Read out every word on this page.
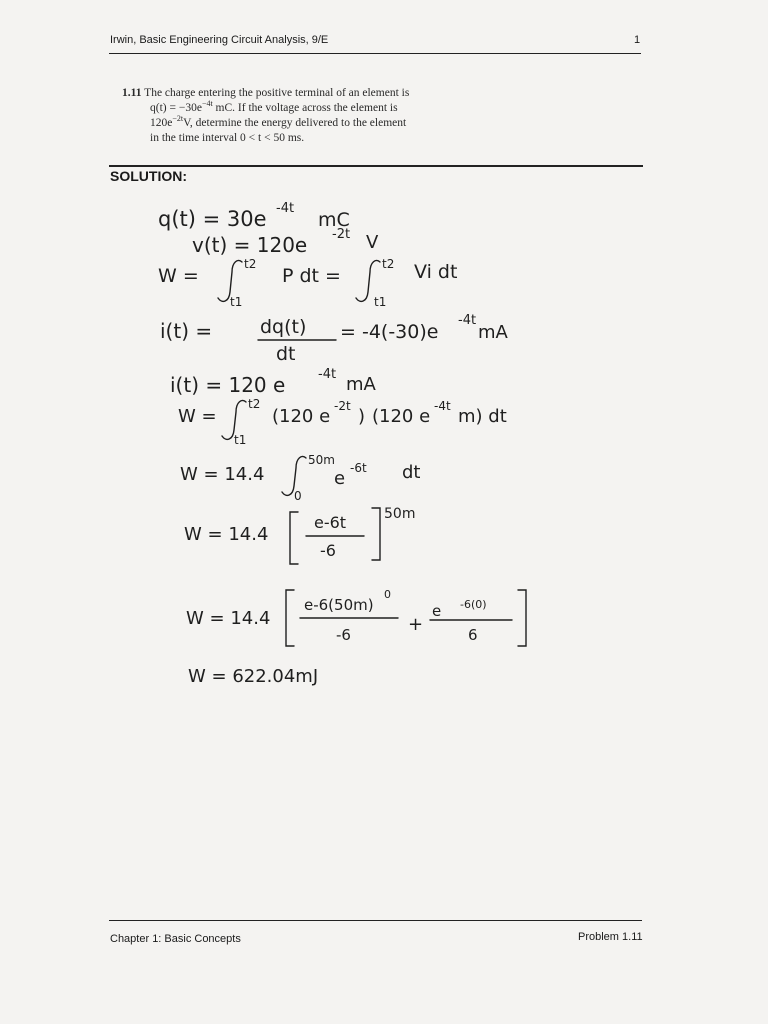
Irwin, Basic Engineering Circuit Analysis, 9/E	1
1.11 The charge entering the positive terminal of an element is
$q(t) = -30e^{-4t}$ mC. If the voltage across the element is
$120e^{-2t}V$, determine the energy delivered to the element
in the time interval 0 < t < 50 ms.
SOLUTION:
q(t) = 30e -4t
mC
v(t) = 120e -2t V
W =
t2
t1
P dt =
t2
t1
Vi dt
i(t) =	dq(t)
dt
= -4(-30)e
-4t
mA
i(t) = 120 e	-4t mA
W =
t2
t1
(120 e -2t ) (120 e -4t m) dt
W = 14.4
50m
0
e -6t dt
W = 14.4
e-6t
-6
50m
W = 14.4
e-6(50m)
0
-6	+
e -6(0)
6
W = 622.04mJ
Chapter 1: Basic Concepts	Problem 1.11
